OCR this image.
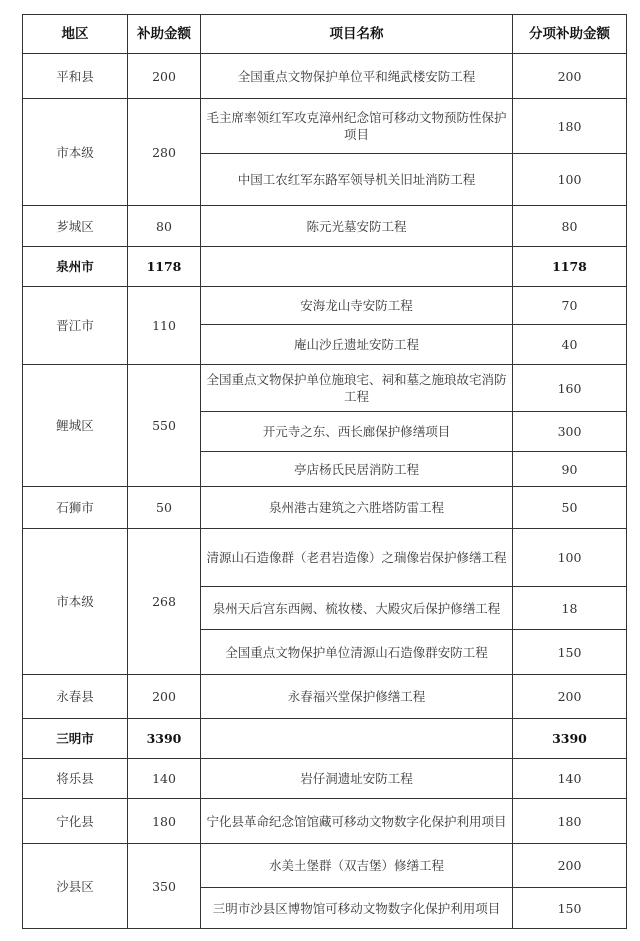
地区	补助金额	项目名称	分项补助金额
平和县	200	全国重点文物保护单位平和绳武楼安防工程	200
市本级	280	毛主席率领红军攻克漳州纪念馆可移动文物预防性保护项目	180
		中国工农红军东路军领导机关旧址消防工程	100
芗城区	80	陈元光墓安防工程	80
泉州市	1178		1178
晋江市	110	安海龙山寺安防工程	70
		庵山沙丘遗址安防工程	40
鲤城区	550	全国重点文物保护单位施琅宅、祠和墓之施琅故宅消防工程	160
		开元寺之东、西长廊保护修缮项目	300
		亭店杨氏民居消防工程	90
石狮市	50	泉州港古建筑之六胜塔防雷工程	50
市本级	268	清源山石造像群（老君岩造像）之瑞像岩保护修缮工程	100
		泉州天后宫东西阙、梳妆楼、大殿灾后保护修缮工程	18
		全国重点文物保护单位清源山石造像群安防工程	150
永春县	200	永春福兴堂保护修缮工程	200
三明市	3390		3390
将乐县	140	岩仔洞遗址安防工程	140
宁化县	180	宁化县革命纪念馆馆藏可移动文物数字化保护利用项目	180
沙县区	350	水美土堡群（双吉堡）修缮工程	200
		三明市沙县区博物馆可移动文物数字化保护利用项目	150
